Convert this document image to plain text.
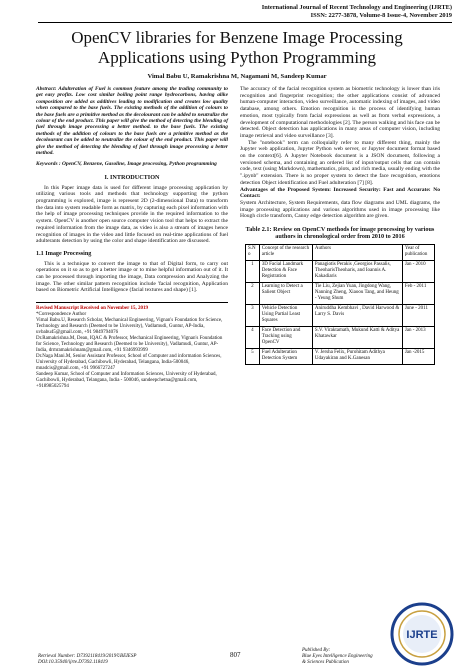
International Journal of Recent Technology and Engineering (IJRTE)
ISSN: 2277-3878, Volume-8 Issue-4, November 2019
OpenCV libraries for Benzene Image Processing
Applications using Python Programming
Vimal Babu U, Ramakrishna M, Nagamani M, Sandeep Kumar
Abstract: Adulteration of Fuel is common feature among the trading community to get easy profits. Low cost similar boiling point range hydrocarbons, having alike composition are added as additives leading to modification and creates low quality when compared to the base fuels. The existing methods of the addition of colours to the base fuels are a primitive method as the decolourant can be added to neutralize the colour of the end product. This paper will give the method of detecting the blending of fuel through image processing a better method. to the base fuels. The existing methods of the addition of colours to the base fuels are a primitive method as the decolourant can be added to neutralize the colour of the end product. This paper will give the method of detecting the blending of fuel through image processing a better method.
Keywords : OpenCV, Benzene, Gasoline, Image processing, Python programming
I. INTRODUCTION

In this Paper image data is used for different image processing application by utilizing various tools and methods that technology supporting the python programming is explored, image is represent 2D (2-dimensional Data) to transform the data into system readable form as matrix, by capturing each pixel information with the help of image processing techniques provide in the required information to the system. OpenCV is another open source computer vision tool that helps to extract the required information from the image data, as video is also a stream of images hence recognition of images in the video and little focused on real-time applications of fuel adulterants detection by using the color and shape identification are discussed.

1.1 Image Processing

This is a technique to convert the image to that of Digital form, to carry out operations on it so as to get a better image or to mine helpful information out of it. It can be processed through importing the image, Data compression and Analyzing the image. The other similar pattern recognition include 'facial recognition, Application based on Biometric Artificial Intelligence (facial textures and shape) [1].

Revised Manuscript Received on November 15, 2019
*Correspondence Author
Vimal Babu.U, Research Scholar, Mechanical Engineering, Vignan's Foundation for Science, Technology and Research (Deemed to be University), Vadlamudi, Guntur, AP-India, uvbabu45@gmail.com, +91 9849794076
Dr.Ramakrishna.M, Dean, IQAC & Professor, Mechanical Engineering, Vignan's Foundation for Science, Technology and Research (Deemed to be University), Vadlamudi, Guntur, AP-India, drmramakrishnam@gmail.com, +91 9346993999
Dr.Naga Mani.M, Senior Assistant Professor, School of Computer and information Sciences, University of Hyderabad, Gachibowli, Hyderabad, Telangana, India-500046, mnadcis@gmail.com, +91 9966727247
Sandeep Kumar, School of Computer and Information Sciences, University of Hyderabad, Gachibowli, Hyderabad, Telangana, India - 500046, sandeepchetna@gmail.com, +918985025794

The accuracy of the facial recognition system as biometric technology is lower than iris recognition and fingerprint recognition; the other applications consist of advanced human-computer interaction, video surveillance, automatic indexing of images, and video database, among others. Emotion recognition is the process of identifying human emotion, most typically from facial expressions as well as from verbal expressions, a development of computational methodologies [2]. The person walking and his face can be detected. Object detection has applications in many areas of computer vision, including image retrieval and video surveillance [3].

The "notebook" term can colloquially refer to many different thing, mainly the Jupyter web application, Jupyter Python web server, or Jupyter document format based on the context[6]. A Jupyter Notebook document is a JSON document, following a versioned schema, and containing an ordered list of input/output cells that can contain code, text (using Markdown), mathematics, plots, and rich media, usually ending with the ".ipynb" extension. There is no proper system to detect the face recognition, emotions detection Object identification and Fuel adulteration [7] [8].

Advantages of the Proposed System: Increased Security: Fast and Accurate: No Contact:

System Architecture, System Requirements, data flow diagrams and UML diagrams, the image processing applications and various algorithms used in image processing like Hough circle transform, Canny edge detection algorithm are given.

Table 2.1: Review on OpenCV methods for image processing by various authors in chronological order from 2010 to 2016
S.N o	Concept of the research article	Authors	Year of publication
1	3D Facial Landmark Detection & Face Registration	Panagiotis Perakis ,Georgios Passalis, TheoharisTheoharis, and Ioannis A. Kakadiaris	Jan - 2010
2	Learning to Detect a Salient Object	Tie Liu, Zejian Yuan, Jingdong Wang, Nanning Zheng, Xiaoou Tang, and Heung - Yeung Shum	Feb - 2011
3	Vehicle Detection Using Partial Least Squares	Aniruddha Kembhavi , David Harwood & Larry S. Davis	June - 2011
4	Face Detection and Tracking using OpenCV	S.V. Viraktamath, Mukund Katti & Aditya Khatawkar	Jan - 2013
5	Fuel Adulteration Detection System	V. Jersha Felix, Purohitam Adithya Udayakiran and K.Ganesan	Jan -2015
Retrieval Number: D7392118419/2019©BEIESP
DOI:10.35940/ijrte.D7392.118419
807
Published By:
Blue Eyes Intelligence Engineering
& Sciences Publication
IJRTE
